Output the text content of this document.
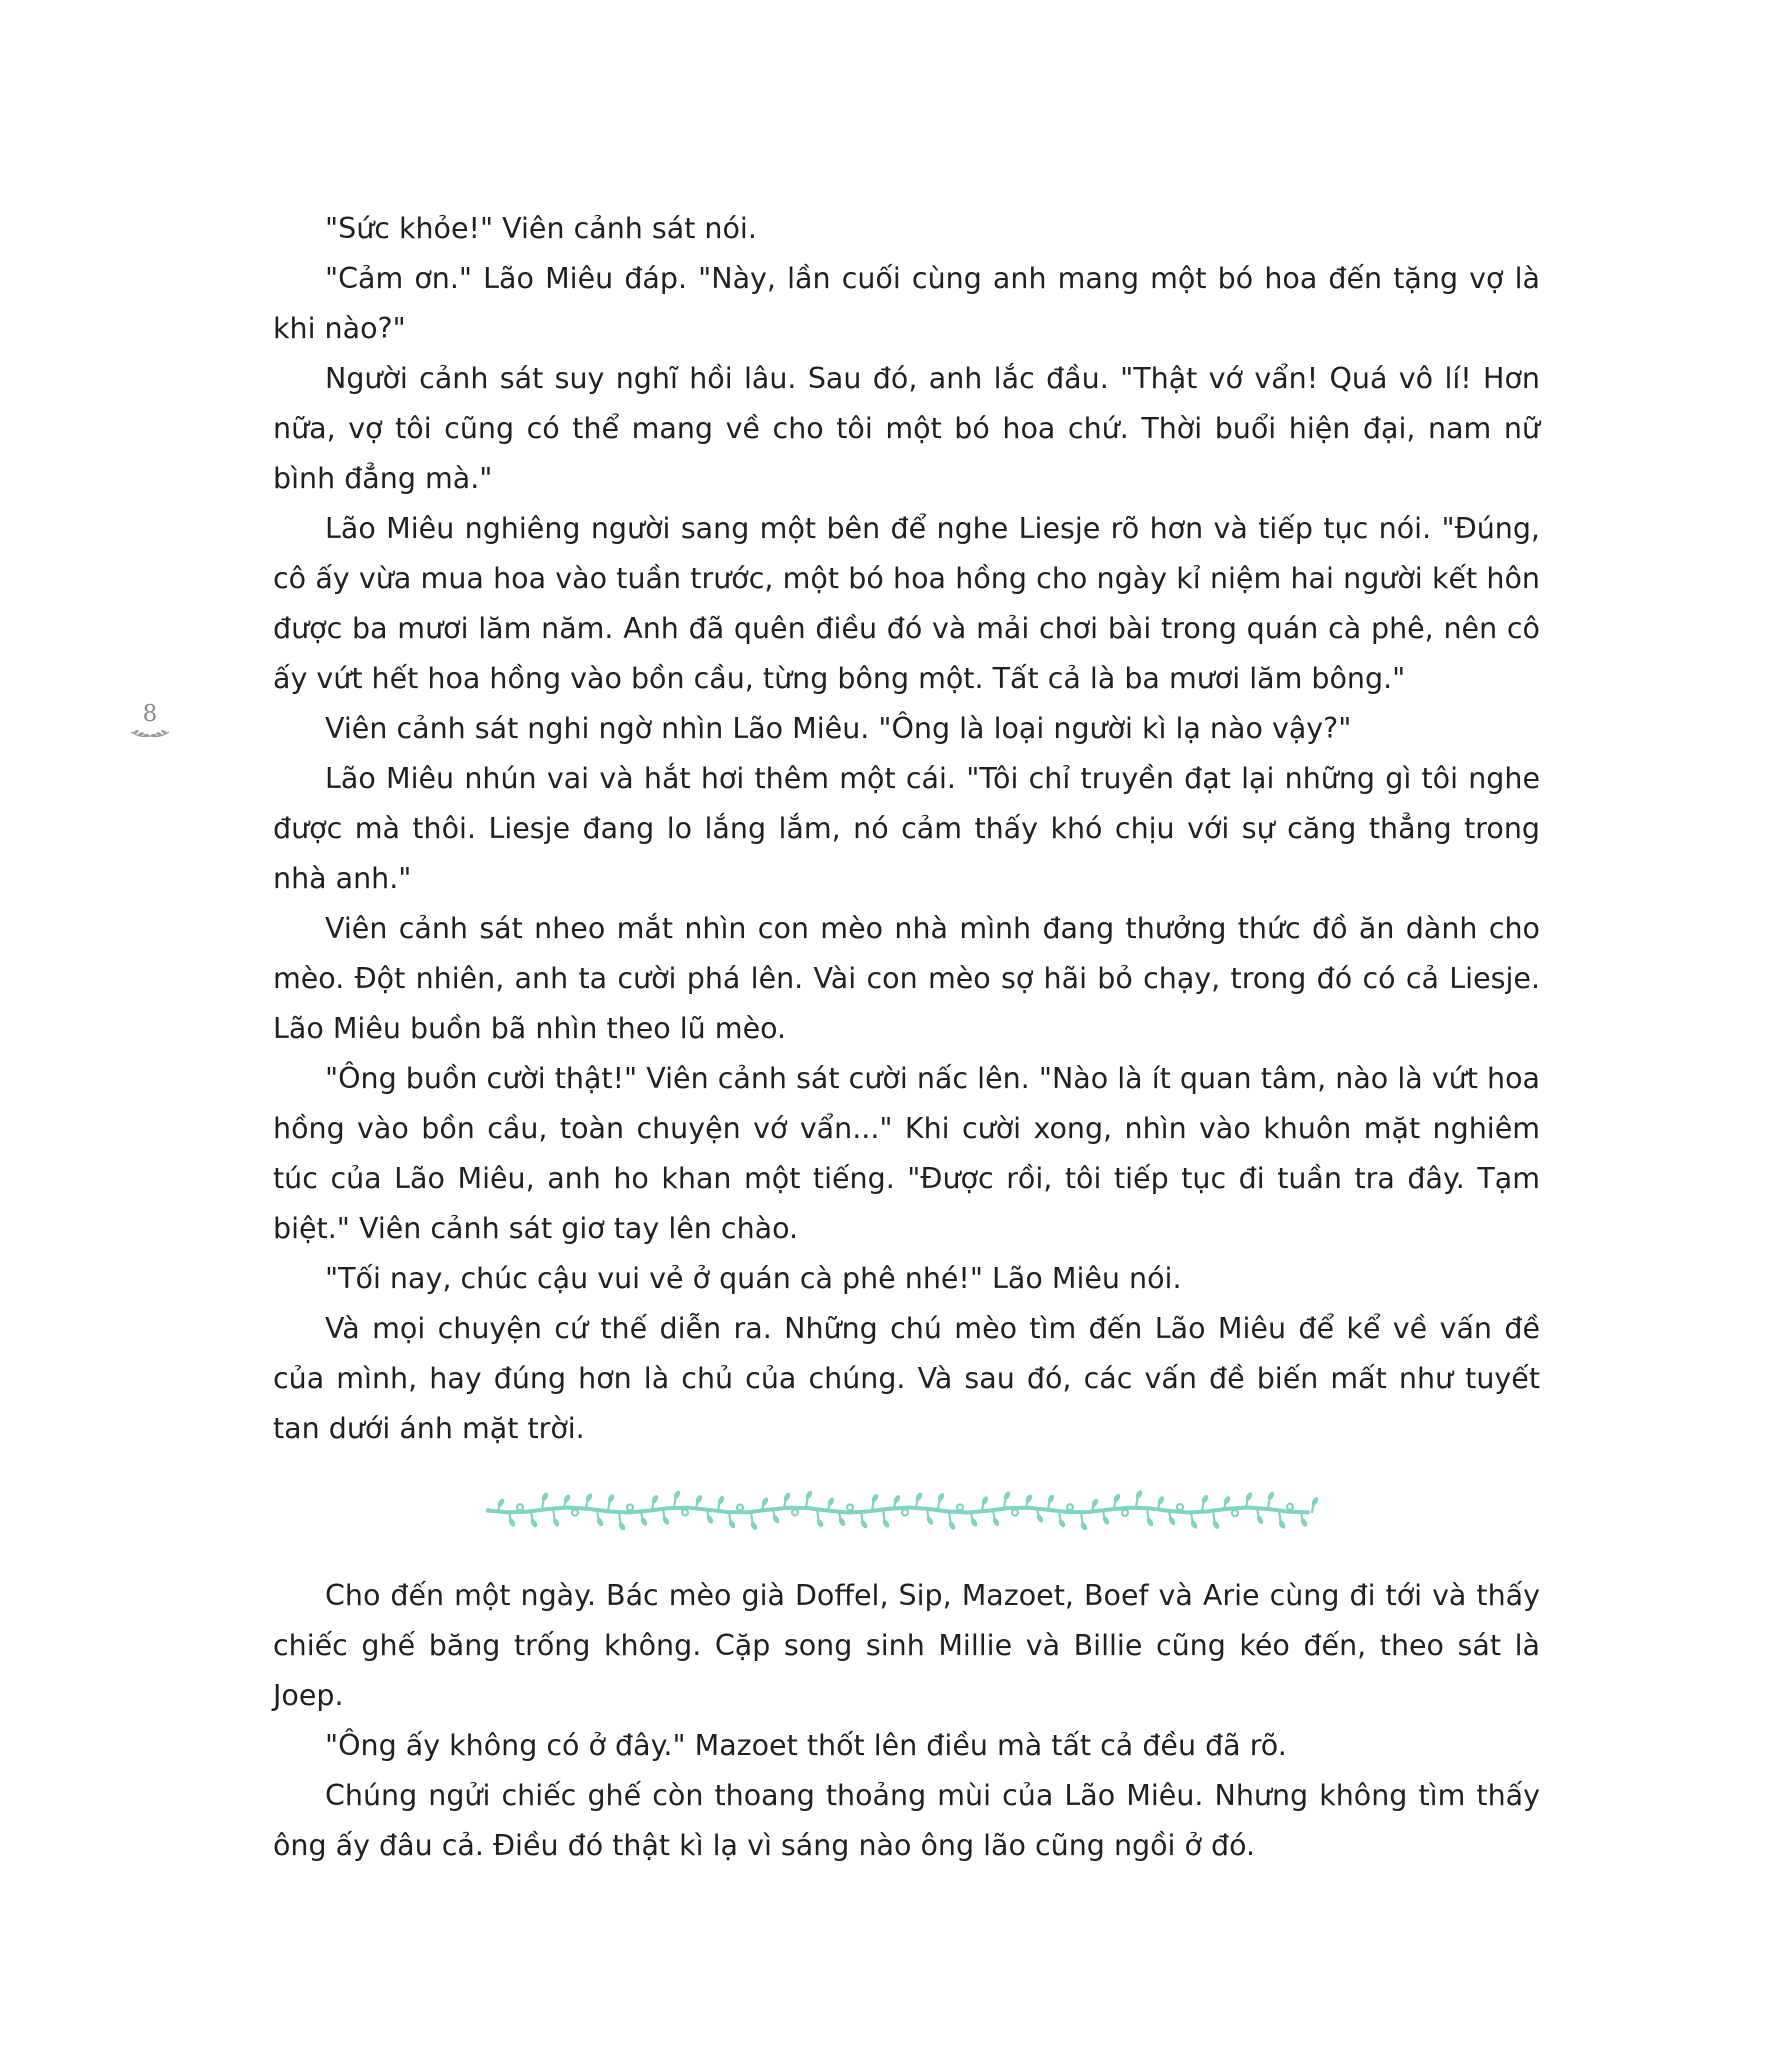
8

"Sức khỏe!" Viên cảnh sát nói.

"Cảm ơn." Lão Miêu đáp. "Này, lần cuối cùng anh mang một bó hoa đến tặng vợ là khi nào?"

Người cảnh sát suy nghĩ hồi lâu. Sau đó, anh lắc đầu. "Thật vớ vẩn! Quá vô lí! Hơn nữa, vợ tôi cũng có thể mang về cho tôi một bó hoa chứ. Thời buổi hiện đại, nam nữ bình đẳng mà."

Lão Miêu nghiêng người sang một bên để nghe Liesje rõ hơn và tiếp tục nói. "Đúng, cô ấy vừa mua hoa vào tuần trước, một bó hoa hồng cho ngày kỉ niệm hai người kết hôn được ba mươi lăm năm. Anh đã quên điều đó và mải chơi bài trong quán cà phê, nên cô ấy vứt hết hoa hồng vào bồn cầu, từng bông một. Tất cả là ba mươi lăm bông."

Viên cảnh sát nghi ngờ nhìn Lão Miêu. "Ông là loại người kì lạ nào vậy?"

Lão Miêu nhún vai và hắt hơi thêm một cái. "Tôi chỉ truyền đạt lại những gì tôi nghe được mà thôi. Liesje đang lo lắng lắm, nó cảm thấy khó chịu với sự căng thẳng trong nhà anh."

Viên cảnh sát nheo mắt nhìn con mèo nhà mình đang thưởng thức đồ ăn dành cho mèo. Đột nhiên, anh ta cười phá lên. Vài con mèo sợ hãi bỏ chạy, trong đó có cả Liesje. Lão Miêu buồn bã nhìn theo lũ mèo.

"Ông buồn cười thật!" Viên cảnh sát cười nấc lên. "Nào là ít quan tâm, nào là vứt hoa hồng vào bồn cầu, toàn chuyện vớ vẩn..." Khi cười xong, nhìn vào khuôn mặt nghiêm túc của Lão Miêu, anh ho khan một tiếng. "Được rồi, tôi tiếp tục đi tuần tra đây. Tạm biệt." Viên cảnh sát giơ tay lên chào.

"Tối nay, chúc cậu vui vẻ ở quán cà phê nhé!" Lão Miêu nói.

Và mọi chuyện cứ thế diễn ra. Những chú mèo tìm đến Lão Miêu để kể về vấn đề của mình, hay đúng hơn là chủ của chúng. Và sau đó, các vấn đề biến mất như tuyết tan dưới ánh mặt trời.

Cho đến một ngày. Bác mèo già Doffel, Sip, Mazoet, Boef và Arie cùng đi tới và thấy chiếc ghế băng trống không. Cặp song sinh Millie và Billie cũng kéo đến, theo sát là Joep.

"Ông ấy không có ở đây." Mazoet thốt lên điều mà tất cả đều đã rõ.

Chúng ngửi chiếc ghế còn thoang thoảng mùi của Lão Miêu. Nhưng không tìm thấy ông ấy đâu cả. Điều đó thật kì lạ vì sáng nào ông lão cũng ngồi ở đó.
